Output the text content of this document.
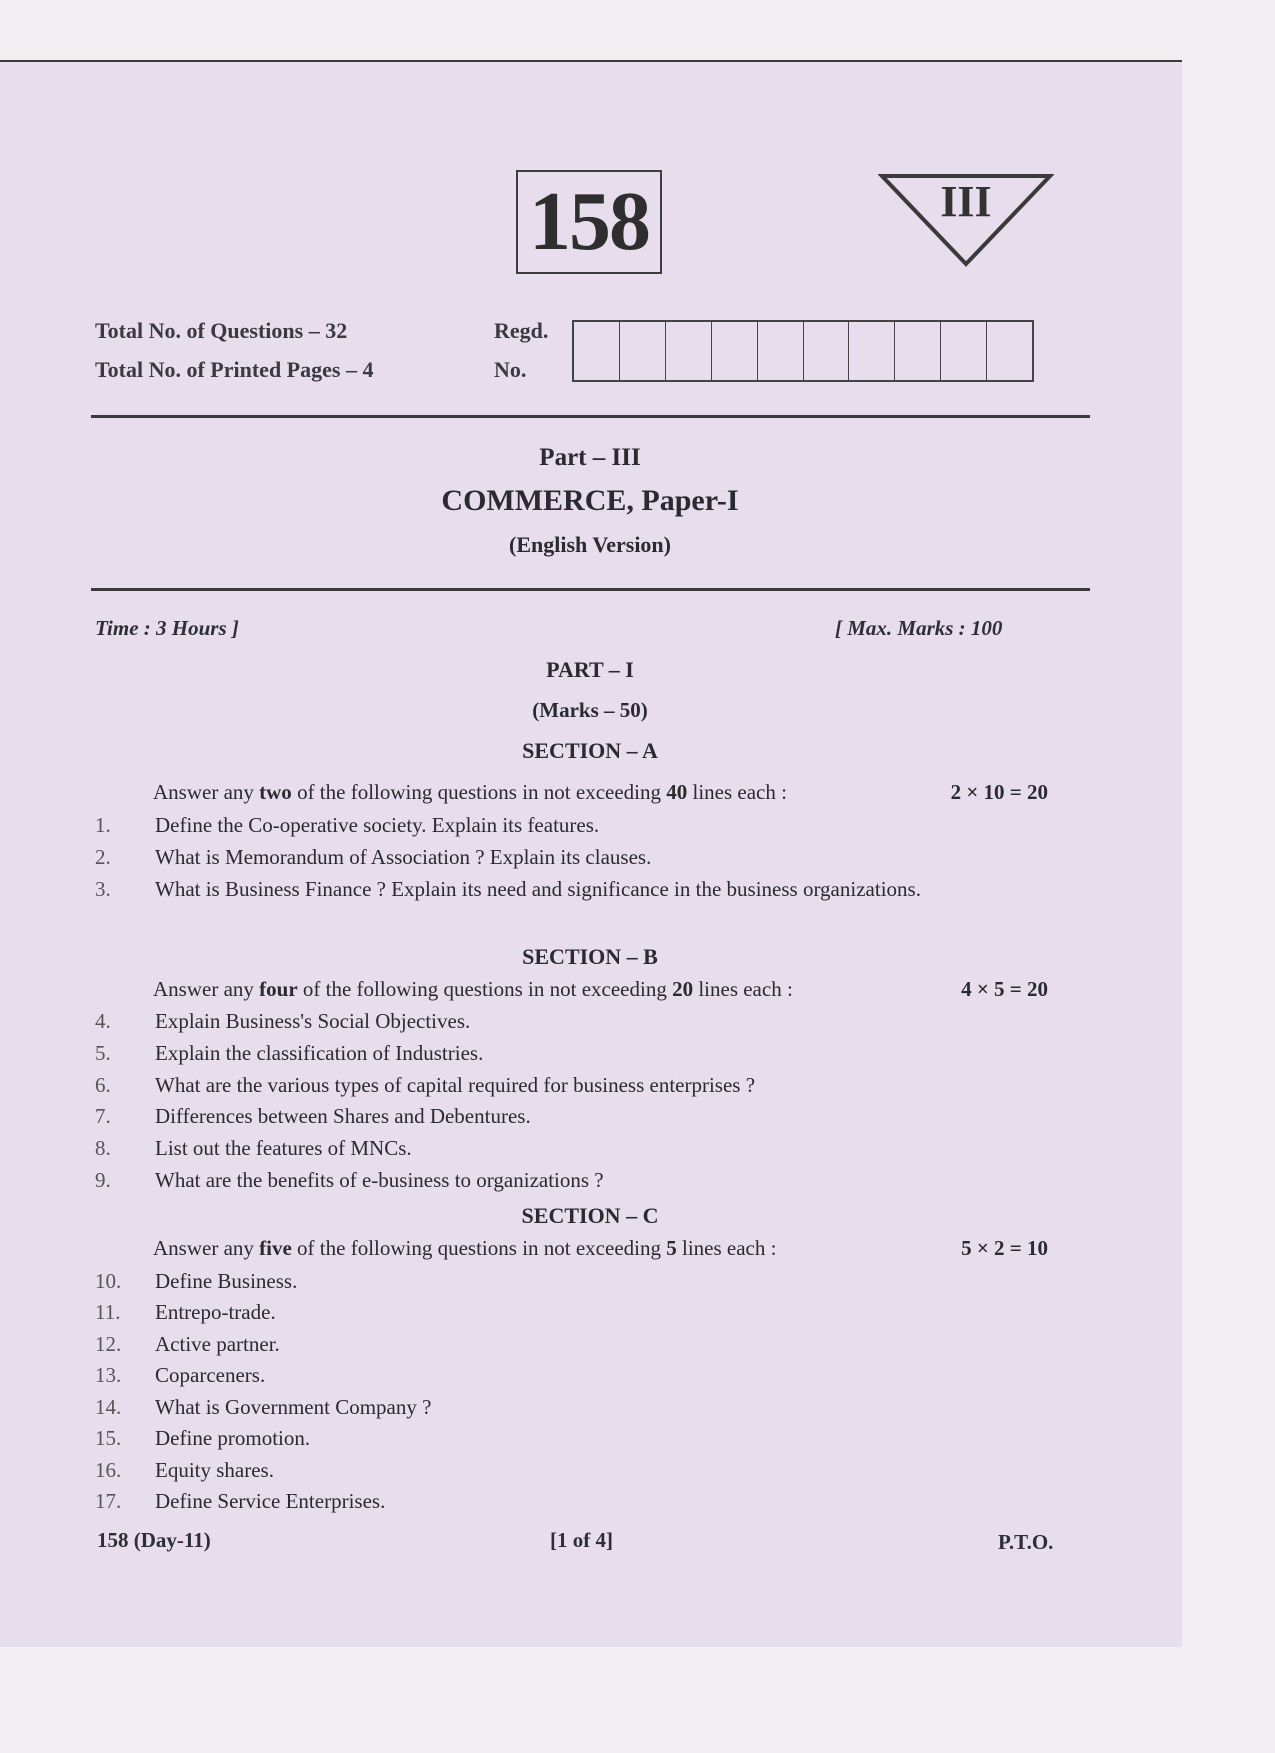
158	III
Total No. of Questions – 32
Total No. of Printed Pages – 4
Regd.
No.
Part – III
COMMERCE, Paper-I
(English Version)
Time : 3 Hours ]	[ Max. Marks : 100
PART – I
(Marks – 50)
SECTION – A
Answer any two of the following questions in not exceeding 40 lines each :	2 × 10 = 20
1.	Define the Co-operative society. Explain its features.
2.	What is Memorandum of Association ? Explain its clauses.
3.	What is Business Finance ? Explain its need and significance in the business organizations.
SECTION – B
Answer any four of the following questions in not exceeding 20 lines each :	4 × 5 = 20
4.	Explain Business's Social Objectives.
5.	Explain the classification of Industries.
6.	What are the various types of capital required for business enterprises ?
7.	Differences between Shares and Debentures.
8.	List out the features of MNCs.
9.	What are the benefits of e-business to organizations ?
SECTION – C
Answer any five of the following questions in not exceeding 5 lines each :	5 × 2 = 10
10.	Define Business.
11.	Entrepo-trade.
12.	Active partner.
13.	Coparceners.
14.	What is Government Company ?
15.	Define promotion.
16.	Equity shares.
17.	Define Service Enterprises.
158 (Day-11)	[1 of 4]	P.T.O.
